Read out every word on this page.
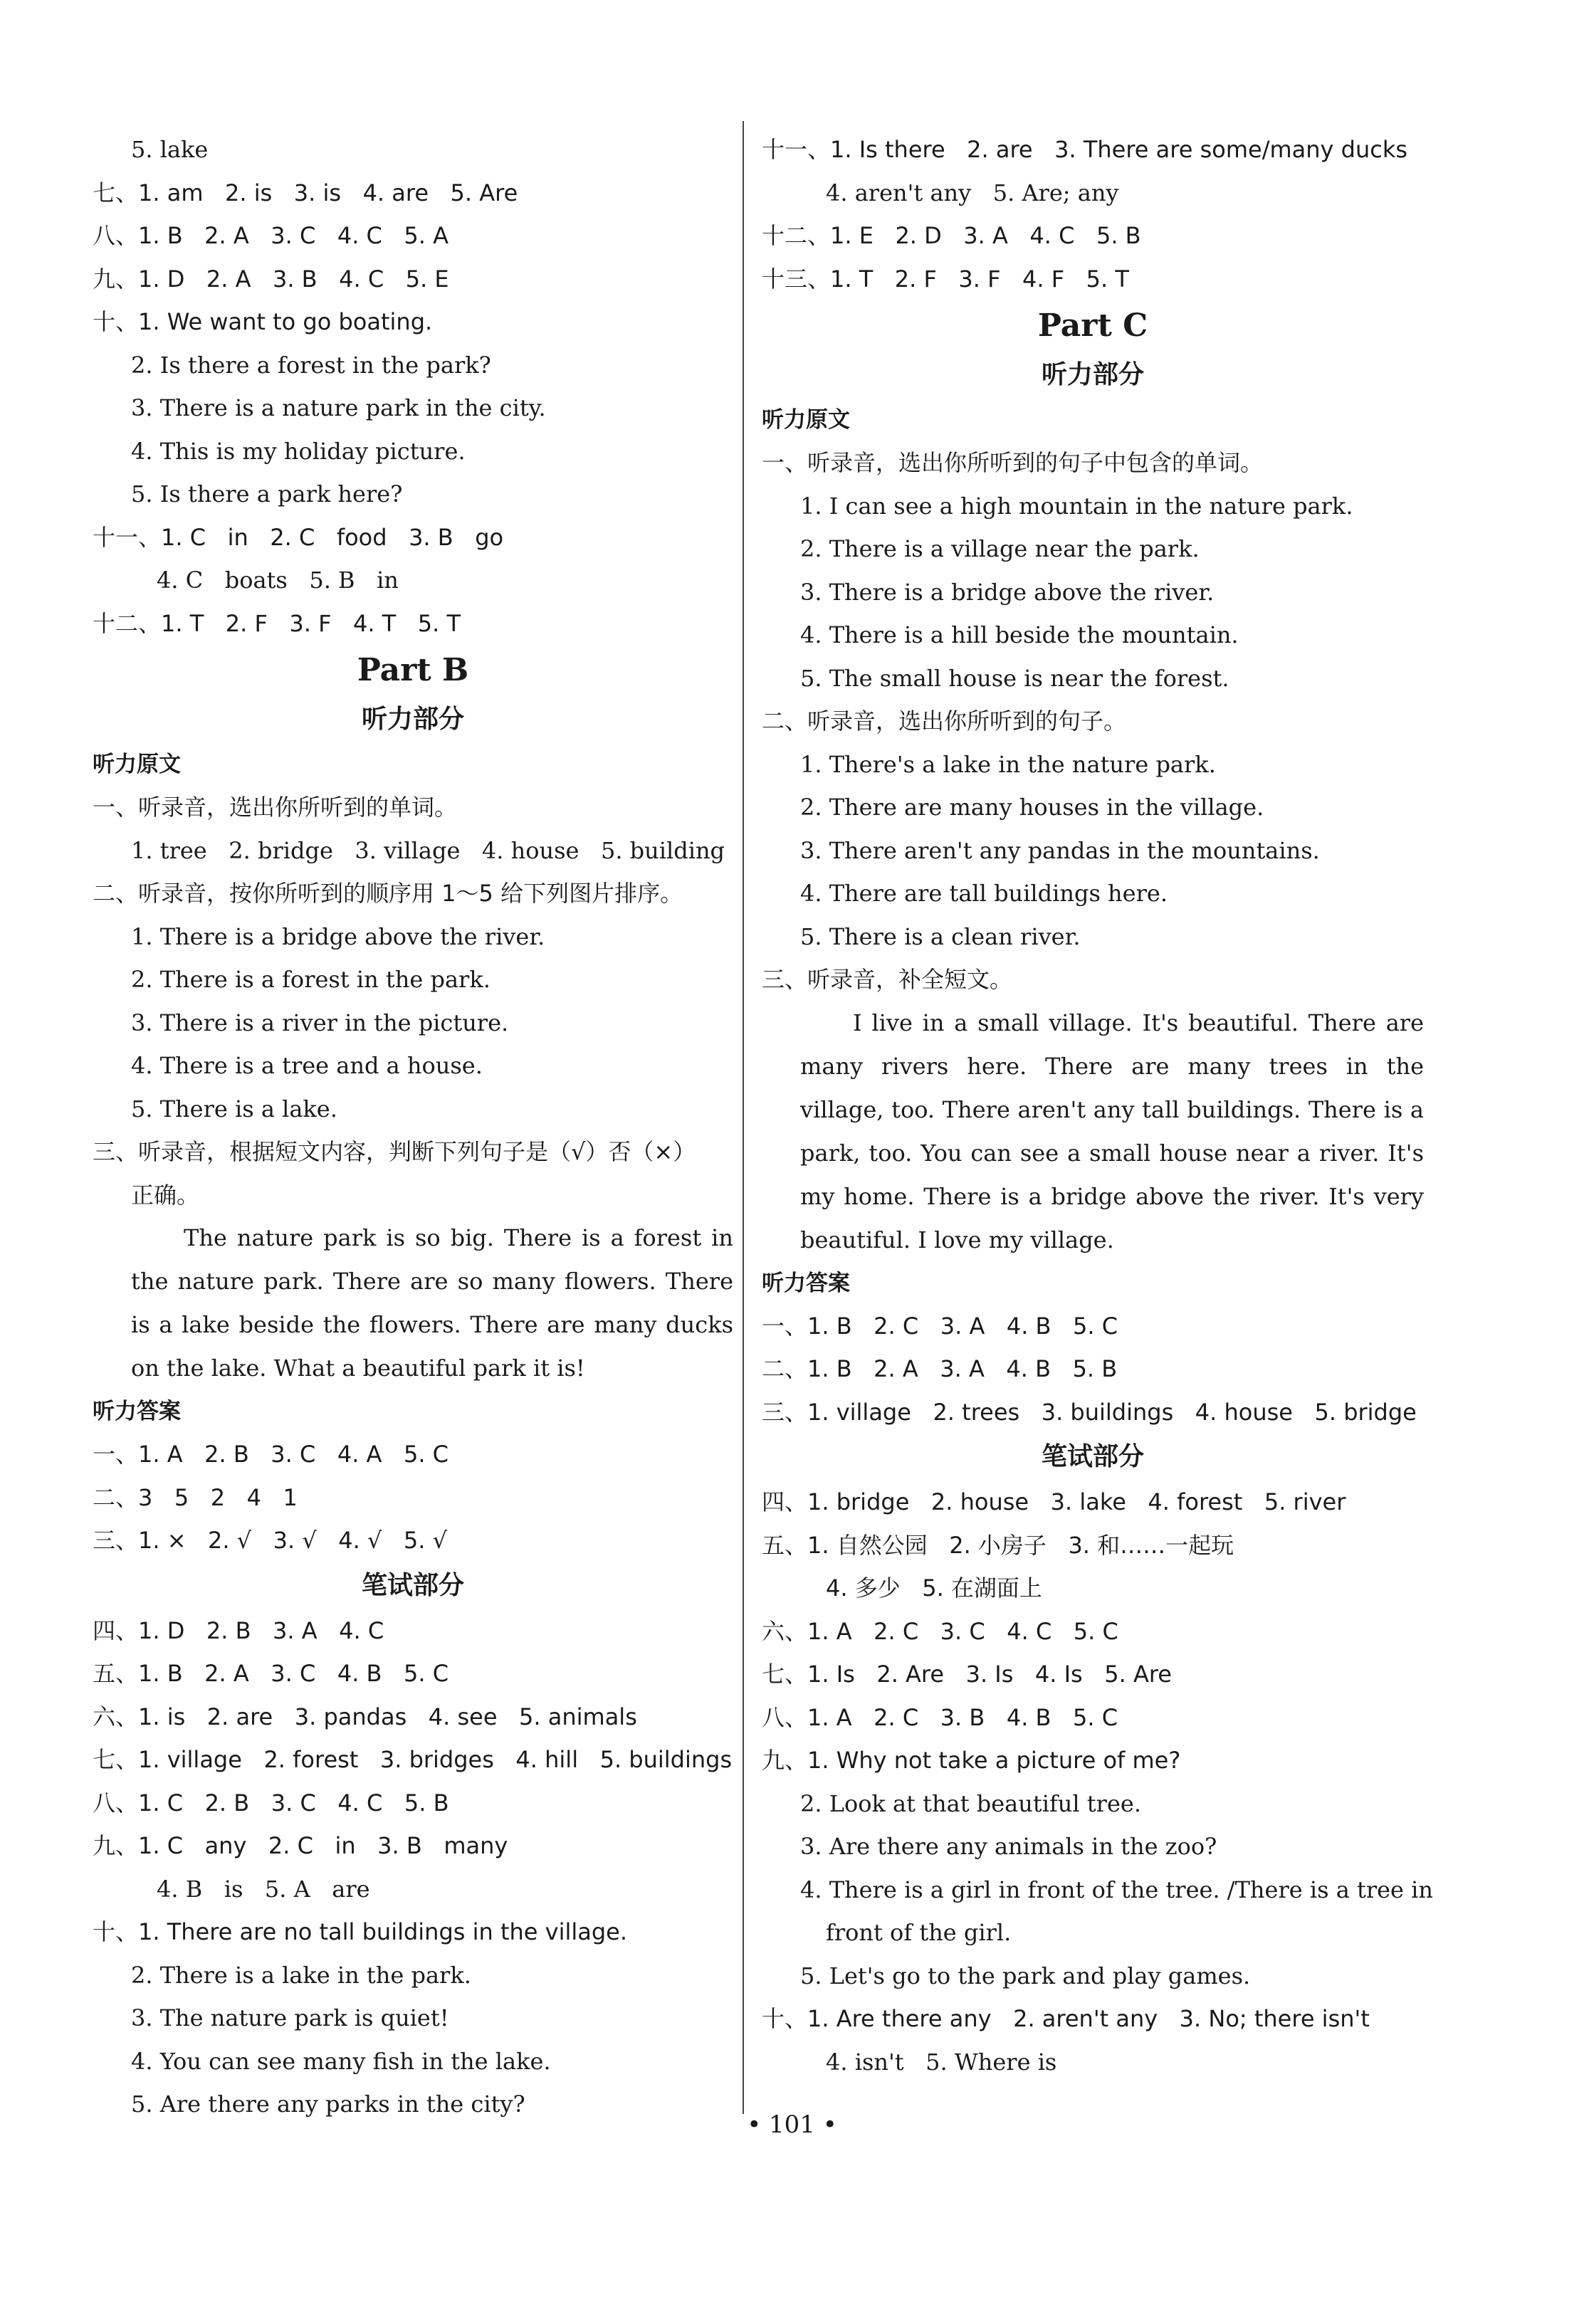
5. lake
七、1. am   2. is   3. is   4. are   5. Are
八、1. B   2. A   3. C   4. C   5. A
九、1. D   2. A   3. B   4. C   5. E
十、1. We want to go boating.
2. Is there a forest in the park?
3. There is a nature park in the city.
4. This is my holiday picture.
5. Is there a park here?
十一、1. C   in   2. C   food   3. B   go
4. C   boats   5. B   in
十二、1. T   2. F   3. F   4. T   5. T
Part B
听力部分
听力原文
一、听录音，选出你所听到的单词。
1. tree   2. bridge   3. village   4. house   5. building
二、听录音，按你所听到的顺序用 1～5 给下列图片排序。
1. There is a bridge above the river.
2. There is a forest in the park.
3. There is a river in the picture.
4. There is a tree and a house.
5. There is a lake.
三、听录音，根据短文内容，判断下列句子是（√）否（×）
正确。
The nature park is so big. There is a forest in the nature park. There are so many flowers. There is a lake beside the flowers. There are many ducks on the lake. What a beautiful park it is!
听力答案
一、1. A   2. B   3. C   4. A   5. C
二、3   5   2   4   1
三、1. ×   2. √   3. √   4. √   5. √
笔试部分
四、1. D   2. B   3. A   4. C
五、1. B   2. A   3. C   4. B   5. C
六、1. is   2. are   3. pandas   4. see   5. animals
七、1. village   2. forest   3. bridges   4. hill   5. buildings
八、1. C   2. B   3. C   4. C   5. B
九、1. C   any   2. C   in   3. B   many
4. B   is   5. A   are
十、1. There are no tall buildings in the village.
2. There is a lake in the park.
3. The nature park is quiet!
4. You can see many fish in the lake.
5. Are there any parks in the city?
十一、1. Is there   2. are   3. There are some/many ducks
4. aren't any   5. Are; any
十二、1. E   2. D   3. A   4. C   5. B
十三、1. T   2. F   3. F   4. F   5. T
Part C
听力部分
听力原文
一、听录音，选出你所听到的句子中包含的单词。
1. I can see a high mountain in the nature park.
2. There is a village near the park.
3. There is a bridge above the river.
4. There is a hill beside the mountain.
5. The small house is near the forest.
二、听录音，选出你所听到的句子。
1. There's a lake in the nature park.
2. There are many houses in the village.
3. There aren't any pandas in the mountains.
4. There are tall buildings here.
5. There is a clean river.
三、听录音，补全短文。
I live in a small village. It's beautiful. There are many rivers here. There are many trees in the village, too. There aren't any tall buildings. There is a park, too. You can see a small house near a river. It's my home. There is a bridge above the river. It's very beautiful. I love my village.
听力答案
一、1. B   2. C   3. A   4. B   5. C
二、1. B   2. A   3. A   4. B   5. B
三、1. village   2. trees   3. buildings   4. house   5. bridge
笔试部分
四、1. bridge   2. house   3. lake   4. forest   5. river
五、1. 自然公园   2. 小房子   3. 和……一起玩
4. 多少   5. 在湖面上
六、1. A   2. C   3. C   4. C   5. C
七、1. Is   2. Are   3. Is   4. Is   5. Are
八、1. A   2. C   3. B   4. B   5. C
九、1. Why not take a picture of me?
2. Look at that beautiful tree.
3. Are there any animals in the zoo?
4. There is a girl in front of the tree. /There is a tree in
front of the girl.
5. Let's go to the park and play games.
十、1. Are there any   2. aren't any   3. No; there isn't
4. isn't   5. Where is
• 101 •
